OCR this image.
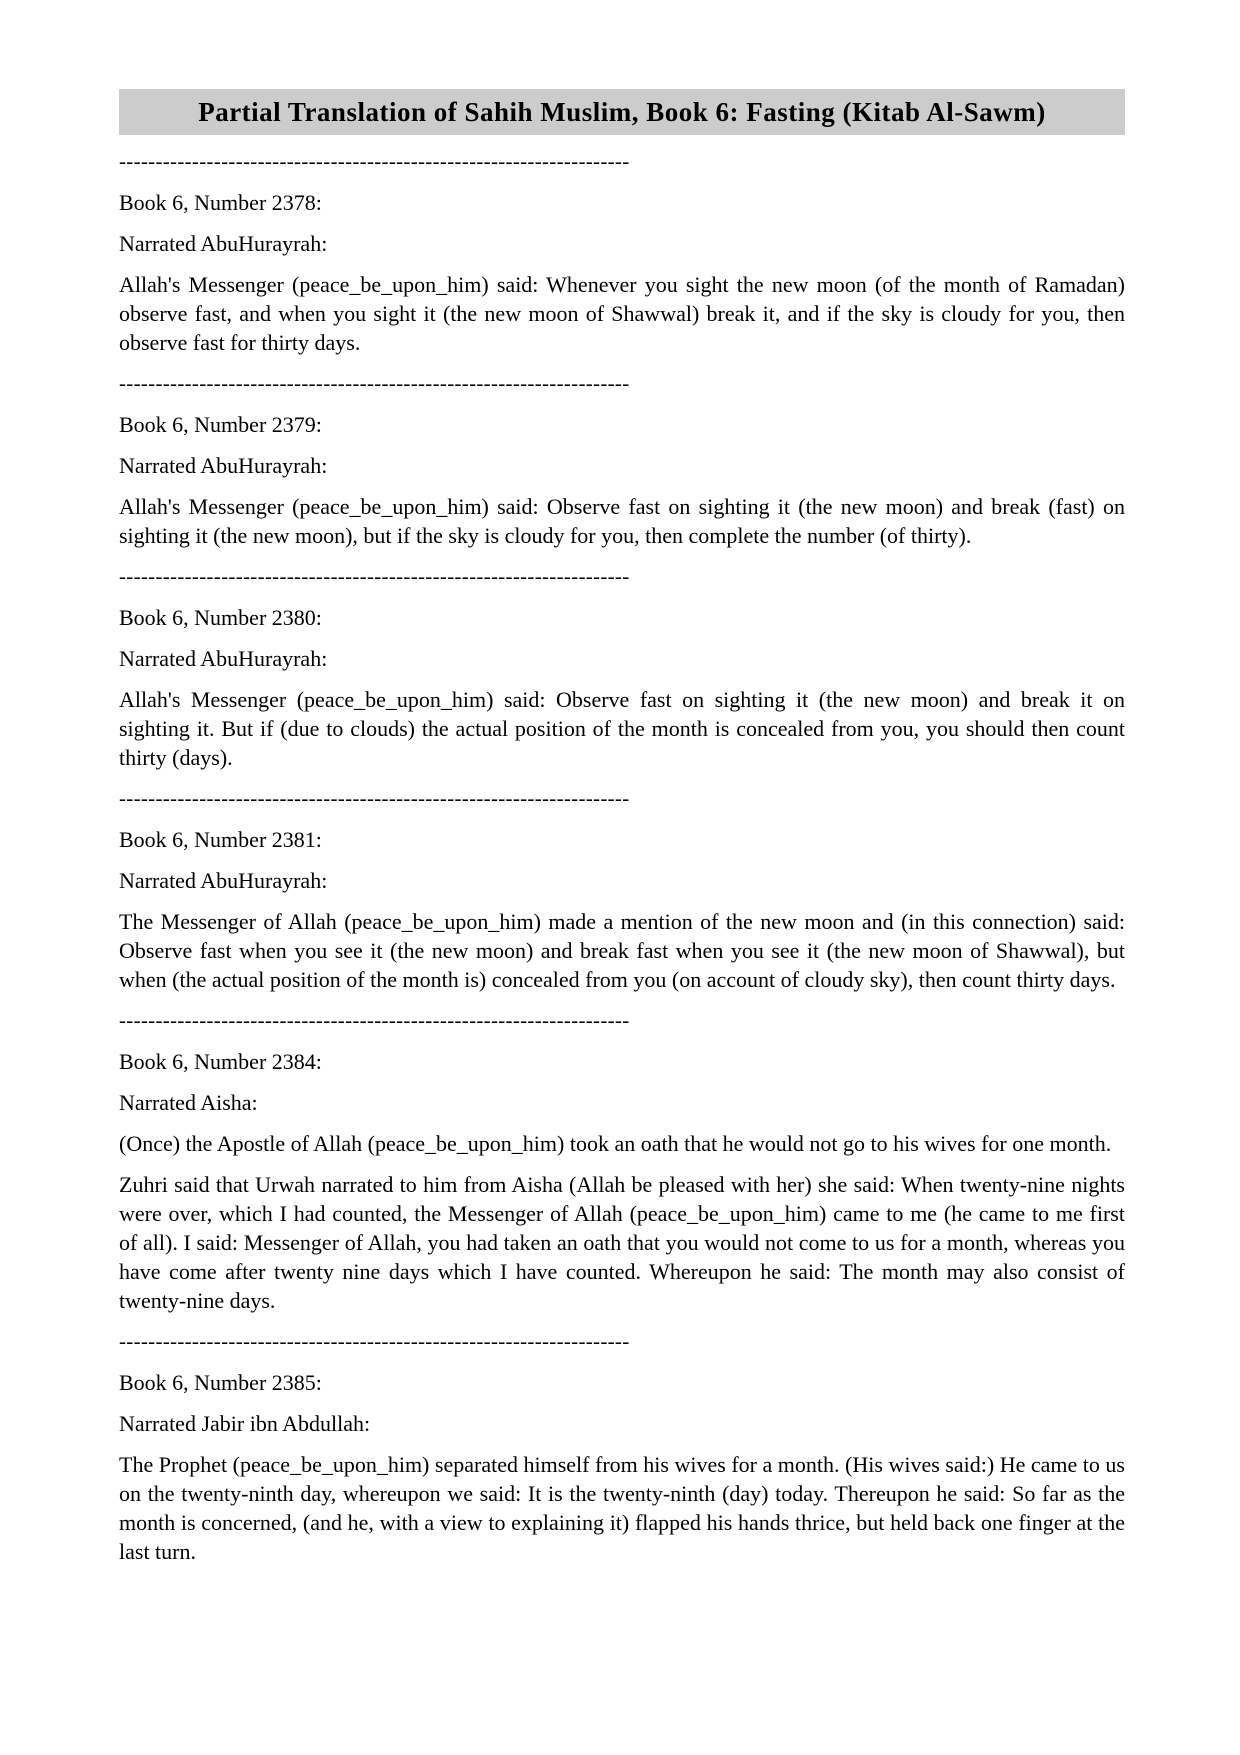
Partial Translation of Sahih Muslim, Book 6: Fasting (Kitab Al-Sawm)
----------------------------------------------------------------------
Book 6, Number 2378:
Narrated AbuHurayrah:
Allah's Messenger (peace_be_upon_him) said: Whenever you sight the new moon (of the month of Ramadan) observe fast, and when you sight it (the new moon of Shawwal) break it, and if the sky is cloudy for you, then observe fast for thirty days.
----------------------------------------------------------------------
Book 6, Number 2379:
Narrated AbuHurayrah:
Allah's Messenger (peace_be_upon_him) said: Observe fast on sighting it (the new moon) and break (fast) on sighting it (the new moon), but if the sky is cloudy for you, then complete the number (of thirty).
----------------------------------------------------------------------
Book 6, Number 2380:
Narrated AbuHurayrah:
Allah's Messenger (peace_be_upon_him) said: Observe fast on sighting it (the new moon) and break it on sighting it. But if (due to clouds) the actual position of the month is concealed from you, you should then count thirty (days).
----------------------------------------------------------------------
Book 6, Number 2381:
Narrated AbuHurayrah:
The Messenger of Allah (peace_be_upon_him) made a mention of the new moon and (in this connection) said: Observe fast when you see it (the new moon) and break fast when you see it (the new moon of Shawwal), but when (the actual position of the month is) concealed from you (on account of cloudy sky), then count thirty days.
----------------------------------------------------------------------
Book 6, Number 2384:
Narrated Aisha:
(Once) the Apostle of Allah (peace_be_upon_him) took an oath that he would not go to his wives for one month.
Zuhri said that Urwah narrated to him from Aisha (Allah be pleased with her) she said: When twenty-nine nights were over, which I had counted, the Messenger of Allah (peace_be_upon_him) came to me (he came to me first of all). I said: Messenger of Allah, you had taken an oath that you would not come to us for a month, whereas you have come after twenty nine days which I have counted. Whereupon he said: The month may also consist of twenty-nine days.
----------------------------------------------------------------------
Book 6, Number 2385:
Narrated Jabir ibn Abdullah:
The Prophet (peace_be_upon_him) separated himself from his wives for a month. (His wives said:) He came to us on the twenty-ninth day, whereupon we said: It is the twenty-ninth (day) today. Thereupon he said: So far as the month is concerned, (and he, with a view to explaining it) flapped his hands thrice, but held back one finger at the last turn.
